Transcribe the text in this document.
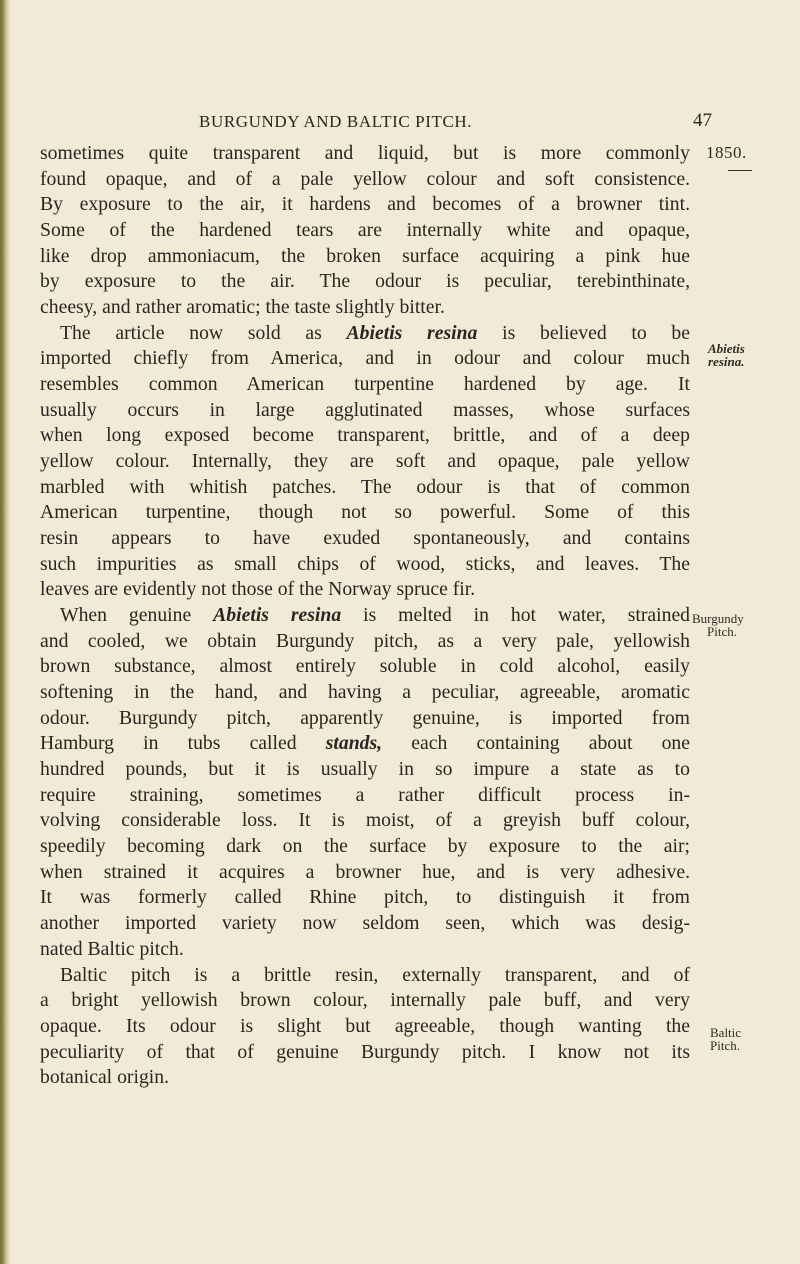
BURGUNDY AND BALTIC PITCH.	47
1850.
Abietis
resina.
Burgundy
Pitch.
Baltic
Pitch.
sometimes quite transparent and liquid, but is more commonly
found opaque, and of a pale yellow colour and soft consistence.
By exposure to the air, it hardens and becomes of a browner tint.
Some of the hardened tears are internally white and opaque,
like drop ammoniacum, the broken surface acquiring a pink hue
by exposure to the air. The odour is peculiar, terebinthinate,
cheesy, and rather aromatic; the taste slightly bitter.
The article now sold as Abietis resina is believed to be
imported chiefly from America, and in odour and colour much
resembles common American turpentine hardened by age. It
usually occurs in large agglutinated masses, whose surfaces
when long exposed become transparent, brittle, and of a deep
yellow colour. Internally, they are soft and opaque, pale yellow
marbled with whitish patches. The odour is that of common
American turpentine, though not so powerful. Some of this
resin appears to have exuded spontaneously, and contains
such impurities as small chips of wood, sticks, and leaves. The
leaves are evidently not those of the Norway spruce fir.
When genuine Abietis resina is melted in hot water, strained
and cooled, we obtain Burgundy pitch, as a very pale, yellowish
brown substance, almost entirely soluble in cold alcohol, easily
softening in the hand, and having a peculiar, agreeable, aromatic
odour. Burgundy pitch, apparently genuine, is imported from
Hamburg in tubs called stands, each containing about one
hundred pounds, but it is usually in so impure a state as to
require straining, sometimes a rather difficult process in-
volving considerable loss. It is moist, of a greyish buff colour,
speedily becoming dark on the surface by exposure to the air;
when strained it acquires a browner hue, and is very adhesive.
It was formerly called Rhine pitch, to distinguish it from
another imported variety now seldom seen, which was desig-
nated Baltic pitch.
Baltic pitch is a brittle resin, externally transparent, and of
a bright yellowish brown colour, internally pale buff, and very
opaque. Its odour is slight but agreeable, though wanting the
peculiarity of that of genuine Burgundy pitch. I know not its
botanical origin.
